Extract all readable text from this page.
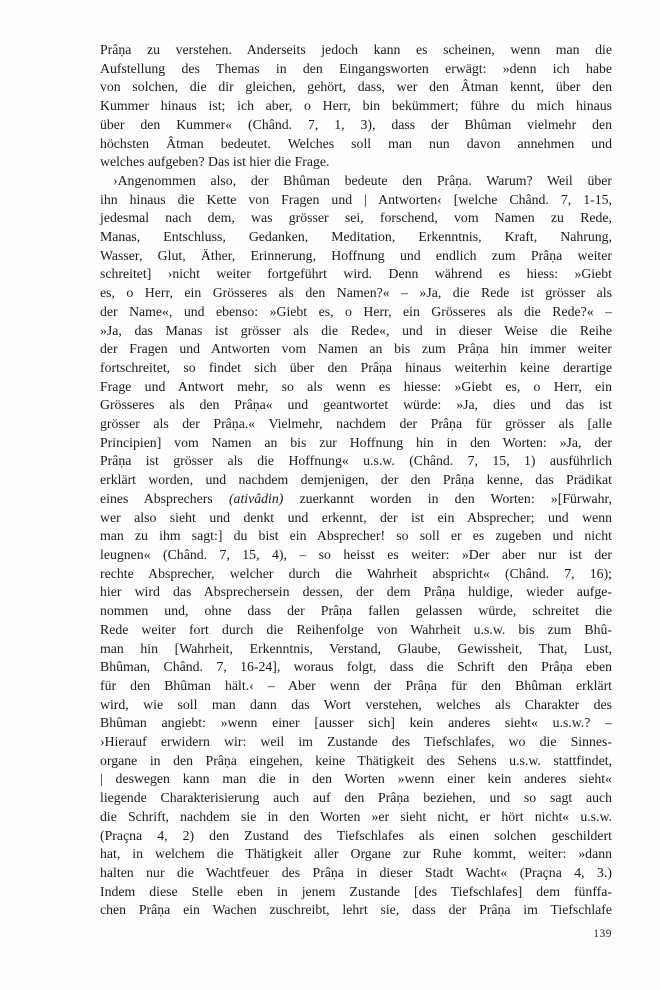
Prâṇa zu verstehen. Anderseits jedoch kann es scheinen, wenn man die
Aufstellung des Themas in den Eingangsworten erwägt: »denn ich habe
von solchen, die dir gleichen, gehört, dass, wer den Âtman kennt, über den
Kummer hinaus ist; ich aber, o Herr, bin bekümmert; führe du mich hinaus
über den Kummer« (Chând. 7, 1, 3), dass der Bhûman vielmehr den
höchsten Âtman bedeutet. Welches soll man nun davon annehmen und
welches aufgeben? Das ist hier die Frage.
›Angenommen also, der Bhûman bedeute den Prâṇa. Warum? Weil über
ihn hinaus die Kette von Fragen und | Antworten‹ [welche Chând. 7, 1-15,
jedesmal nach dem, was grösser sei, forschend, vom Namen zu Rede,
Manas, Entschluss, Gedanken, Meditation, Erkenntnis, Kraft, Nahrung,
Wasser, Glut, Äther, Erinnerung, Hoffnung und endlich zum Prâṇa weiter
schreitet] ›nicht weiter fortgeführt wird. Denn während es hiess: »Giebt
es, o Herr, ein Grösseres als den Namen?« – »Ja, die Rede ist grösser als
der Name«, und ebenso: »Giebt es, o Herr, ein Grösseres als die Rede?« –
»Ja, das Manas ist grösser als die Rede«, und in dieser Weise die Reihe
der Fragen und Antworten vom Namen an bis zum Prâṇa hin immer weiter
fortschreitet, so findet sich über den Prâṇa hinaus weiterhin keine derartige
Frage und Antwort mehr, so als wenn es hiesse: »Giebt es, o Herr, ein
Grösseres als den Prâṇa« und geantwortet würde: »Ja, dies und das ist
grösser als der Prâṇa.« Vielmehr, nachdem der Prâṇa für grösser als [alle
Principien] vom Namen an bis zur Hoffnung hin in den Worten: »Ja, der
Prâṇa ist grösser als die Hoffnung« u.s.w. (Chând. 7, 15, 1) ausführlich
erklärt worden, und nachdem demjenigen, der den Prâṇa kenne, das Prädikat
eines Absprechers (ativâdin) zuerkannt worden in den Worten: »[Fürwahr,
wer also sieht und denkt und erkennt, der ist ein Absprecher; und wenn
man zu ihm sagt:] du bist ein Absprecher! so soll er es zugeben und nicht
leugnen« (Chând. 7, 15, 4), – so heisst es weiter: »Der aber nur ist der
rechte Absprecher, welcher durch die Wahrheit abspricht« (Chând. 7, 16);
hier wird das Absprechersein dessen, der dem Prâṇa huldige, wieder aufge-
nommen und, ohne dass der Prâṇa fallen gelassen würde, schreitet die
Rede weiter fort durch die Reihenfolge von Wahrheit u.s.w. bis zum Bhû-
man hin [Wahrheit, Erkenntnis, Verstand, Glaube, Gewissheit, That, Lust,
Bhûman, Chând. 7, 16-24], woraus folgt, dass die Schrift den Prâṇa eben
für den Bhûman hält.‹ – Aber wenn der Prâṇa für den Bhûman erklärt
wird, wie soll man dann das Wort verstehen, welches als Charakter des
Bhûman angiebt: »wenn einer [ausser sich] kein anderes sieht« u.s.w.? –
›Hierauf erwidern wir: weil im Zustande des Tiefschlafes, wo die Sinnes-
organe in den Prâṇa eingehen, keine Thätigkeit des Sehens u.s.w. stattfindet,
| deswegen kann man die in den Worten »wenn einer kein anderes sieht«
liegende Charakterisierung auch auf den Prâṇa beziehen, und so sagt auch
die Schrift, nachdem sie in den Worten »er sieht nicht, er hört nicht« u.s.w.
(Praçna 4, 2) den Zustand des Tiefschlafes als einen solchen geschildert
hat, in welchem die Thätigkeit aller Organe zur Ruhe kommt, weiter: »dann
halten nur die Wachtfeuer des Prâṇa in dieser Stadt Wacht« (Praçna 4, 3.)
Indem diese Stelle eben in jenem Zustande [des Tiefschlafes] dem fünffa-
chen Prâṇa ein Wachen zuschreibt, lehrt sie, dass der Prâṇa im Tiefschlafe
139
